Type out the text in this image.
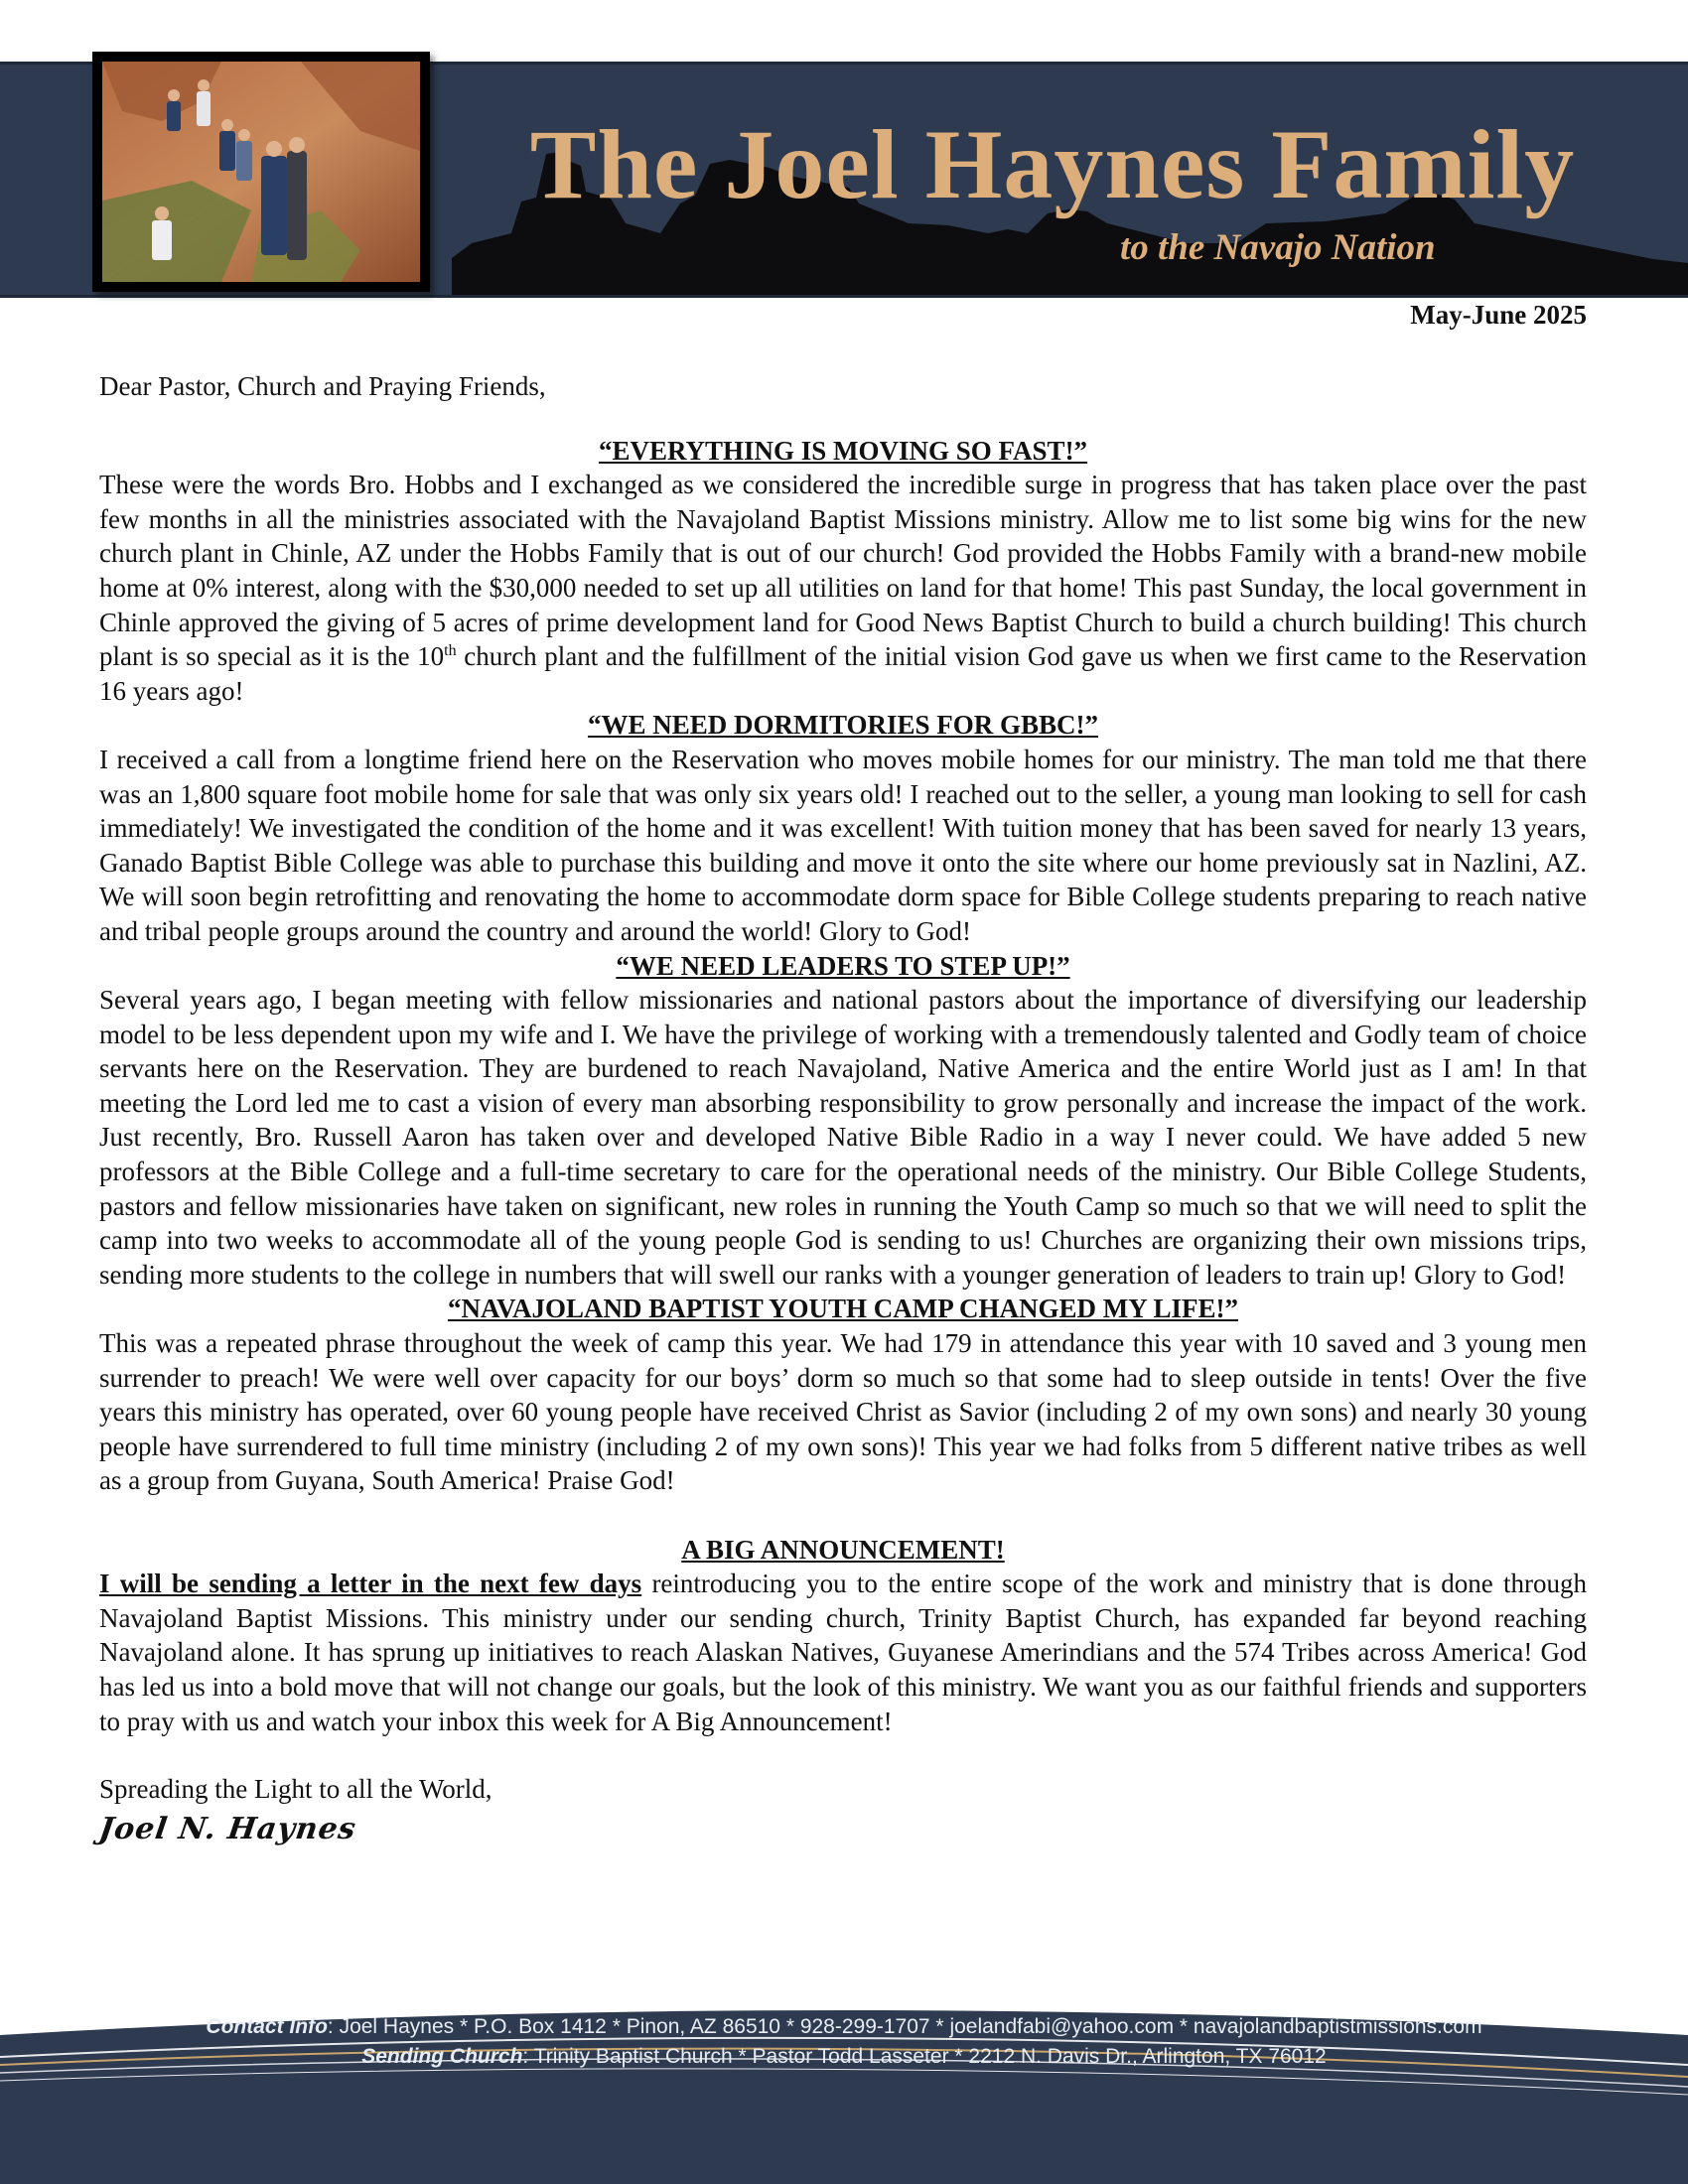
The Joel Haynes Family
to the Navajo Nation
May-June 2025

Dear Pastor, Church and Praying Friends,

“EVERYTHING IS MOVING SO FAST!”

These were the words Bro. Hobbs and I exchanged as we considered the incredible surge in progress that has taken place over the past few months in all the ministries associated with the Navajoland Baptist Missions ministry. Allow me to list some big wins for the new church plant in Chinle, AZ under the Hobbs Family that is out of our church! God provided the Hobbs Family with a brand-new mobile home at 0% interest, along with the $30,000 needed to set up all utilities on land for that home! This past Sunday, the local government in Chinle approved the giving of 5 acres of prime development land for Good News Baptist Church to build a church building! This church plant is so special as it is the 10th church plant and the fulfillment of the initial vision God gave us when we first came to the Reservation 16 years ago!

“WE NEED DORMITORIES FOR GBBC!”

I received a call from a longtime friend here on the Reservation who moves mobile homes for our ministry. The man told me that there was an 1,800 square foot mobile home for sale that was only six years old! I reached out to the seller, a young man looking to sell for cash immediately! We investigated the condition of the home and it was excellent! With tuition money that has been saved for nearly 13 years, Ganado Baptist Bible College was able to purchase this building and move it onto the site where our home previously sat in Nazlini, AZ. We will soon begin retrofitting and renovating the home to accommodate dorm space for Bible College students preparing to reach native and tribal people groups around the country and around the world! Glory to God!

“WE NEED LEADERS TO STEP UP!”

Several years ago, I began meeting with fellow missionaries and national pastors about the importance of diversifying our leadership model to be less dependent upon my wife and I. We have the privilege of working with a tremendously talented and Godly team of choice servants here on the Reservation. They are burdened to reach Navajoland, Native America and the entire World just as I am! In that meeting the Lord led me to cast a vision of every man absorbing responsibility to grow personally and increase the impact of the work. Just recently, Bro. Russell Aaron has taken over and developed Native Bible Radio in a way I never could. We have added 5 new professors at the Bible College and a full-time secretary to care for the operational needs of the ministry. Our Bible College Students, pastors and fellow missionaries have taken on significant, new roles in running the Youth Camp so much so that we will need to split the camp into two weeks to accommodate all of the young people God is sending to us! Churches are organizing their own missions trips, sending more students to the college in numbers that will swell our ranks with a younger generation of leaders to train up! Glory to God!

“NAVAJOLAND BAPTIST YOUTH CAMP CHANGED MY LIFE!”

This was a repeated phrase throughout the week of camp this year. We had 179 in attendance this year with 10 saved and 3 young men surrender to preach! We were well over capacity for our boys’ dorm so much so that some had to sleep outside in tents! Over the five years this ministry has operated, over 60 young people have received Christ as Savior (including 2 of my own sons) and nearly 30 young people have surrendered to full time ministry (including 2 of my own sons)! This year we had folks from 5 different native tribes as well as a group from Guyana, South America! Praise God!

A BIG ANNOUNCEMENT!

I will be sending a letter in the next few days reintroducing you to the entire scope of the work and ministry that is done through Navajoland Baptist Missions. This ministry under our sending church, Trinity Baptist Church, has expanded far beyond reaching Navajoland alone. It has sprung up initiatives to reach Alaskan Natives, Guyanese Amerindians and the 574 Tribes across America! God has led us into a bold move that will not change our goals, but the look of this ministry. We want you as our faithful friends and supporters to pray with us and watch your inbox this week for A Big Announcement!

Spreading the Light to all the World,

Joel N. Haynes
Contact Info: Joel Haynes * P.O. Box 1412 * Pinon, AZ 86510 * 928-299-1707 * joelandfabi@yahoo.com * navajolandbaptistmissions.com
Sending Church: Trinity Baptist Church * Pastor Todd Lasseter * 2212 N. Davis Dr., Arlington, TX 76012
